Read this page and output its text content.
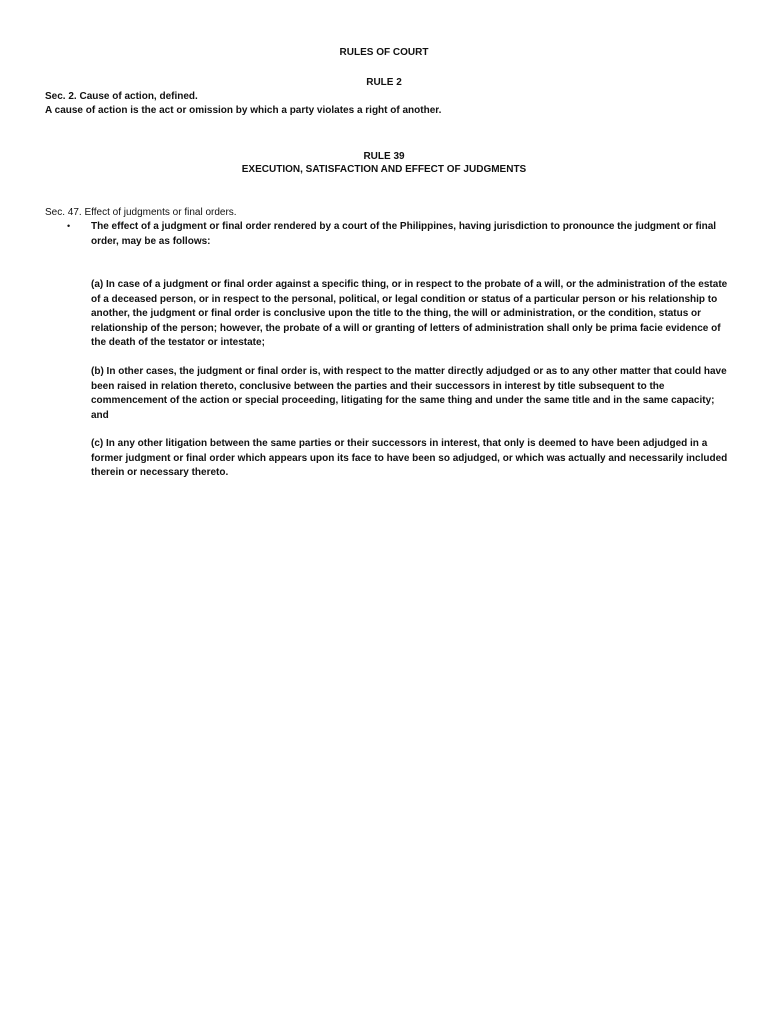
RULES OF COURT

RULE 2

Sec. 2. Cause of action, defined.

A cause of action is the act or omission by which a party violates a right of another.

RULE 39

EXECUTION, SATISFACTION AND EFFECT OF JUDGMENTS

Sec. 47. Effect of judgments or final orders.

• The effect of a judgment or final order rendered by a court of the Philippines, having jurisdiction to pronounce the judgment or final order, may be as follows:

(a) In case of a judgment or final order against a specific thing, or in respect to the probate of a will, or the administration of the estate of a deceased person, or in respect to the personal, political, or legal condition or status of a particular person or his relationship to another, the judgment or final order is conclusive upon the title to the thing, the will or administration, or the condition, status or relationship of the person; however, the probate of a will or granting of letters of administration shall only be prima facie evidence of the death of the testator or intestate;

(b) In other cases, the judgment or final order is, with respect to the matter directly adjudged or as to any other matter that could have been raised in relation thereto, conclusive between the parties and their successors in interest by title subsequent to the commencement of the action or special proceeding, litigating for the same thing and under the same title and in the same capacity; and

(c) In any other litigation between the same parties or their successors in interest, that only is deemed to have been adjudged in a former judgment or final order which appears upon its face to have been so adjudged, or which was actually and necessarily included therein or necessary thereto.
